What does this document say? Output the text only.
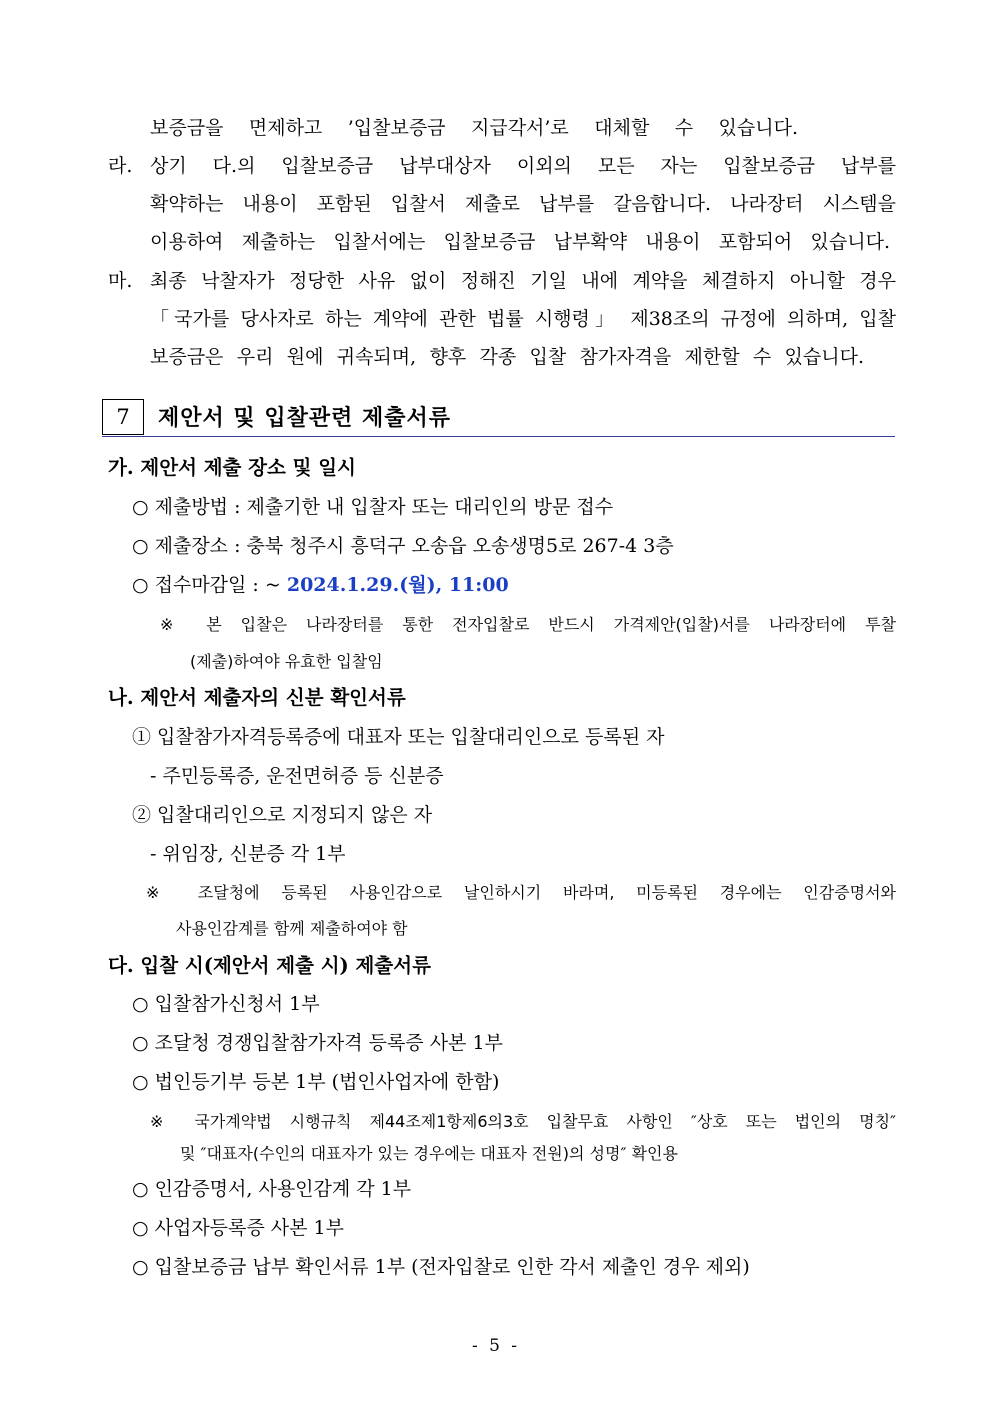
보증금을 면제하고 ’입찰보증금 지급각서’로 대체할 수 있습니다.
라. 상기 다.의 입찰보증금 납부대상자 이외의 모든 자는 입찰보증금 납부를
확약하는 내용이 포함된 입찰서 제출로 납부를 갈음합니다. 나라장터 시스템을
이용하여 제출하는 입찰서에는 입찰보증금 납부확약 내용이 포함되어 있습니다.
마. 최종 낙찰자가 정당한 사유 없이 정해진 기일 내에 계약을 체결하지 아니할 경우
「국가를 당사자로 하는 계약에 관한 법률 시행령」 제38조의 규정에 의하며, 입찰
보증금은 우리 원에 귀속되며, 향후 각종 입찰 참가자격을 제한할 수 있습니다.
7	제안서 및 입찰관련 제출서류
가. 제안서 제출 장소 및 일시
○ 제출방법 : 제출기한 내 입찰자 또는 대리인의 방문 접수
○ 제출장소 : 충북 청주시 흥덕구 오송읍 오송생명5로 267-4 3층
○ 접수마감일 : ~ 2024.1.29.(월), 11:00
※ 본 입찰은 나라장터를 통한 전자입찰로 반드시 가격제안(입찰)서를 나라장터에 투찰
(제출)하여야 유효한 입찰임
나. 제안서 제출자의 신분 확인서류
① 입찰참가자격등록증에 대표자 또는 입찰대리인으로 등록된 자
- 주민등록증, 운전면허증 등 신분증
② 입찰대리인으로 지정되지 않은 자
- 위임장, 신분증 각 1부
※ 조달청에 등록된 사용인감으로 날인하시기 바라며, 미등록된 경우에는 인감증명서와
사용인감계를 함께 제출하여야 함
다. 입찰 시(제안서 제출 시) 제출서류
○ 입찰참가신청서 1부
○ 조달청 경쟁입찰참가자격 등록증 사본 1부
○ 법인등기부 등본 1부 (법인사업자에 한함)
※ 국가계약법 시행규칙 제44조제1항제6의3호 입찰무효 사항인 ″상호 또는 법인의 명칭″
및 ″대표자(수인의 대표자가 있는 경우에는 대표자 전원)의 성명″ 확인용
○ 인감증명서, 사용인감계 각 1부
○ 사업자등록증 사본 1부
○ 입찰보증금 납부 확인서류 1부 (전자입찰로 인한 각서 제출인 경우 제외)
- 5 -
